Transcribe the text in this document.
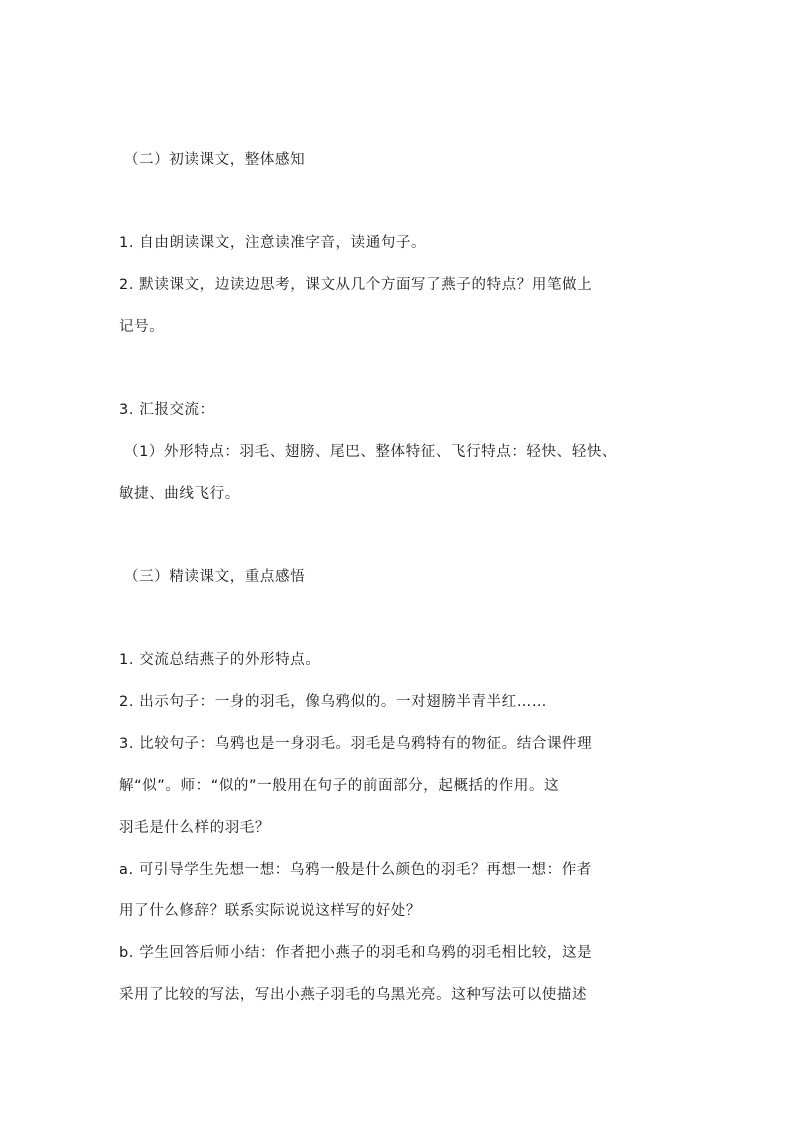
（二）初读课文，整体感知
1. 自由朗读课文，注意读准字音，读通句子。
2. 默读课文，边读边思考，课文从几个方面写了燕子的特点？用笔做上
记号。
3. 汇报交流：
（1）外形特点：羽毛、翅膀、尾巴、整体特征、飞行特点：轻快、轻快、
敏捷、曲线飞行。
（三）精读课文，重点感悟
1. 交流总结燕子的外形特点。
2. 出示句子：一身的羽毛，像乌鸦似的。一对翅膀半青半红……
3. 比较句子：乌鸦也是一身羽毛。羽毛是乌鸦特有的物征。结合课件理
解“似”。师：“似的”一般用在句子的前面部分，起概括的作用。这
羽毛是什么样的羽毛？
a. 可引导学生先想一想：乌鸦一般是什么颜色的羽毛？再想一想：作者
用了什么修辞？联系实际说说这样写的好处？
b. 学生回答后师小结：作者把小燕子的羽毛和乌鸦的羽毛相比较，这是
采用了比较的写法，写出小燕子羽毛的乌黑光亮。这种写法可以使描述
